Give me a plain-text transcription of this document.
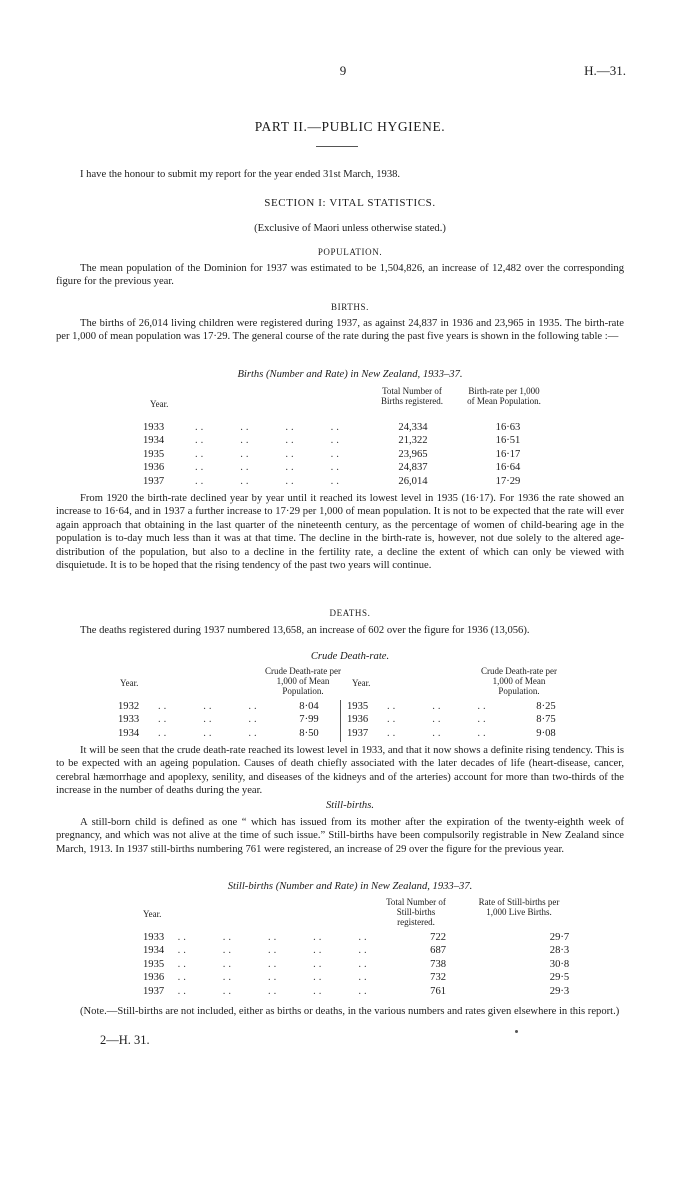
9	H.—31.
PART II.—PUBLIC HYGIENE.
I have the honour to submit my report for the year ended 31st March, 1938.
SECTION I: VITAL STATISTICS.
(Exclusive of Maori unless otherwise stated.)
POPULATION.
The mean population of the Dominion for 1937 was estimated to be 1,504,826, an increase of 12,482 over the corresponding figure for the previous year.
BIRTHS.
The births of 26,014 living children were registered during 1937, as against 24,837 in 1936 and 23,965 in 1935. The birth-rate per 1,000 of mean population was 17·29. The general course of the rate during the past five years is shown in the following table :—
Births (Number and Rate) in New Zealand, 1933–37.
Year.
Total Number of Births registered.
Birth-rate per 1,000 of Mean Population.
1933	..      ..      ..      ..	24,334	16·63
1934	..      ..      ..      ..	21,322	16·51
1935	..      ..      ..      ..	23,965	16·17
1936	..      ..      ..      ..	24,837	16·64
1937	..      ..      ..      ..	26,014	17·29
From 1920 the birth-rate declined year by year until it reached its lowest level in 1935 (16·17). For 1936 the rate showed an increase to 16·64, and in 1937 a further increase to 17·29 per 1,000 of mean population. It is not to be expected that the rate will ever again approach that obtaining in the last quarter of the nineteenth century, as the percentage of women of child-bearing age in the population is to-day much less than it was at that time. The decline in the birth-rate is, however, not due solely to the altered age-distribution of the population, but also to a decline in the fertility rate, a decline the extent of which can only be viewed with disquietude. It is to be hoped that the rising tendency of the past two years will continue.
DEATHS.
The deaths registered during 1937 numbered 13,658, an increase of 602 over the figure for 1936 (13,056).
Crude Death-rate.
Year.
Crude Death-rate per 1,000 of Mean Population.
Year.
Crude Death-rate per 1,000 of Mean Population.
1932	..      ..      ..	8·04
1933	..      ..      ..	7·99
1934	..      ..      ..	8·50
1935	..      ..      ..	8·25
1936	..      ..      ..	8·75
1937	..      ..      ..	9·08
It will be seen that the crude death-rate reached its lowest level in 1933, and that it now shows a definite rising tendency. This is to be expected with an ageing population. Causes of death chiefly associated with the later decades of life (heart-disease, cancer, cerebral hæmorrhage and apoplexy, senility, and diseases of the kidneys and of the arteries) account for more than two-thirds of the increase in the number of deaths during the year.
Still-births.
A still-born child is defined as one “ which has issued from its mother after the expiration of the twenty-eighth week of pregnancy, and which was not alive at the time of such issue.” Still-births have been compulsorily registrable in New Zealand since March, 1913. In 1937 still-births numbering 761 were registered, an increase of 29 over the figure for the previous year.
Still-births (Number and Rate) in New Zealand, 1933–37.
Year.
Total Number of Still-births registered.
Rate of Still-births per 1,000 Live Births.
1933	..      ..      ..      ..      ..	722	29·7
1934	..      ..      ..      ..      ..	687	28·3
1935	..      ..      ..      ..      ..	738	30·8
1936	..      ..      ..      ..      ..	732	29·5
1937	..      ..      ..      ..      ..	761	29·3
(Note.—Still-births are not included, either as births or deaths, in the various numbers and rates given elsewhere in this report.)
2—H. 31.
